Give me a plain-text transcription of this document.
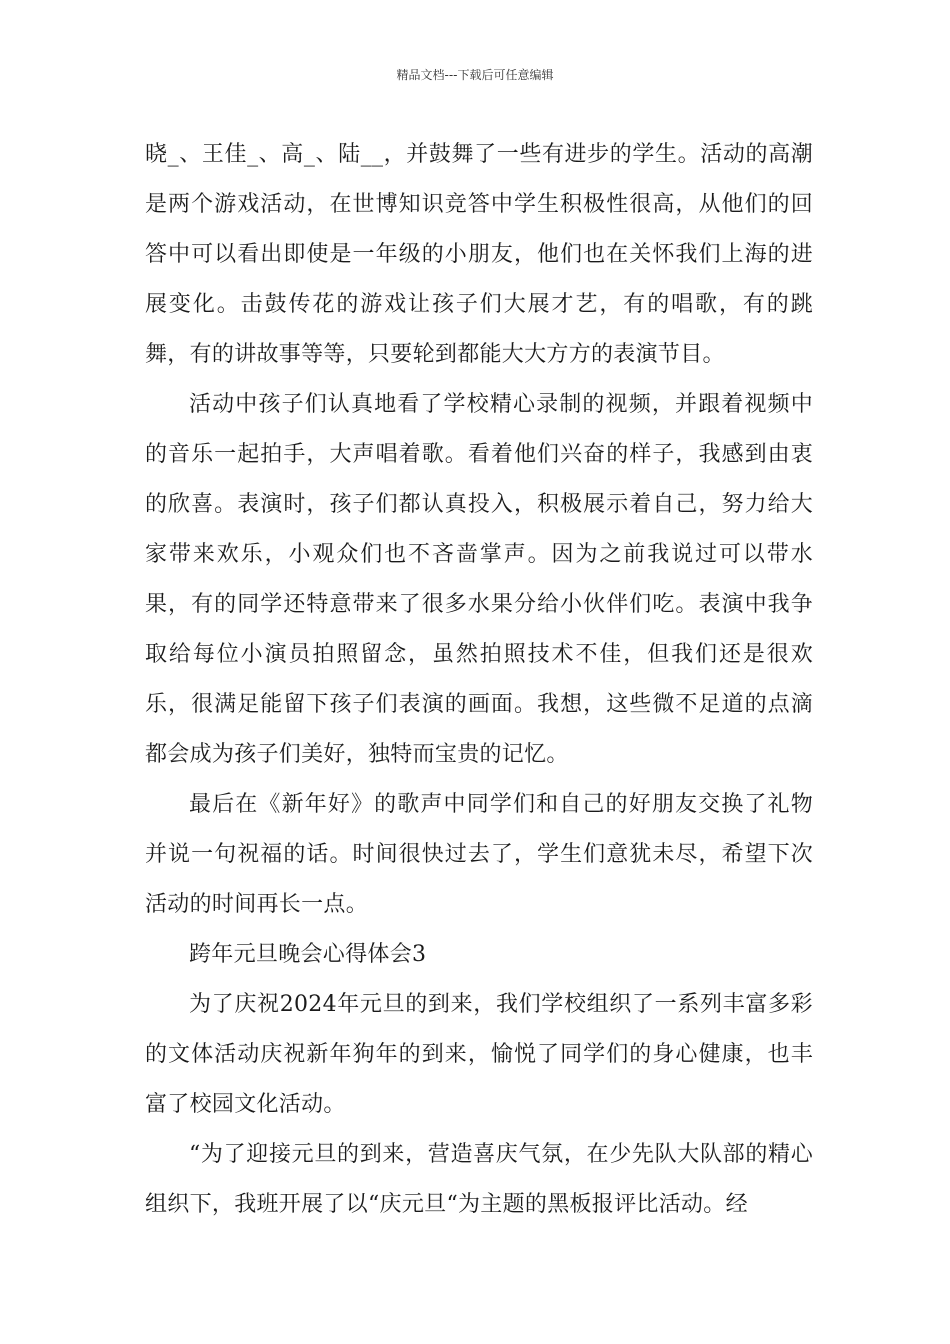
精品文档---下载后可任意编辑

晓_、王佳_、高_、陆__，并鼓舞了一些有进步的学生。活动的高潮是两个游戏活动，在世博知识竞答中学生积极性很高，从他们的回答中可以看出即使是一年级的小朋友，他们也在关怀我们上海的进展变化。击鼓传花的游戏让孩子们大展才艺，有的唱歌，有的跳舞，有的讲故事等等，只要轮到都能大大方方的表演节目。

活动中孩子们认真地看了学校精心录制的视频，并跟着视频中的音乐一起拍手，大声唱着歌。看着他们兴奋的样子，我感到由衷的欣喜。表演时，孩子们都认真投入，积极展示着自己，努力给大家带来欢乐，小观众们也不吝啬掌声。因为之前我说过可以带水果，有的同学还特意带来了很多水果分给小伙伴们吃。表演中我争取给每位小演员拍照留念，虽然拍照技术不佳，但我们还是很欢乐，很满足能留下孩子们表演的画面。我想，这些微不足道的点滴都会成为孩子们美好，独特而宝贵的记忆。

最后在《新年好》的歌声中同学们和自己的好朋友交换了礼物并说一句祝福的话。时间很快过去了，学生们意犹未尽，希望下次活动的时间再长一点。

跨年元旦晚会心得体会3

为了庆祝2024年元旦的到来，我们学校组织了一系列丰富多彩的文体活动庆祝新年狗年的到来，愉悦了同学们的身心健康，也丰富了校园文化活动。

“为了迎接元旦的到来，营造喜庆气氛，在少先队大队部的精心组织下，我班开展了以“庆元旦“为主题的黑板报评比活动。经
